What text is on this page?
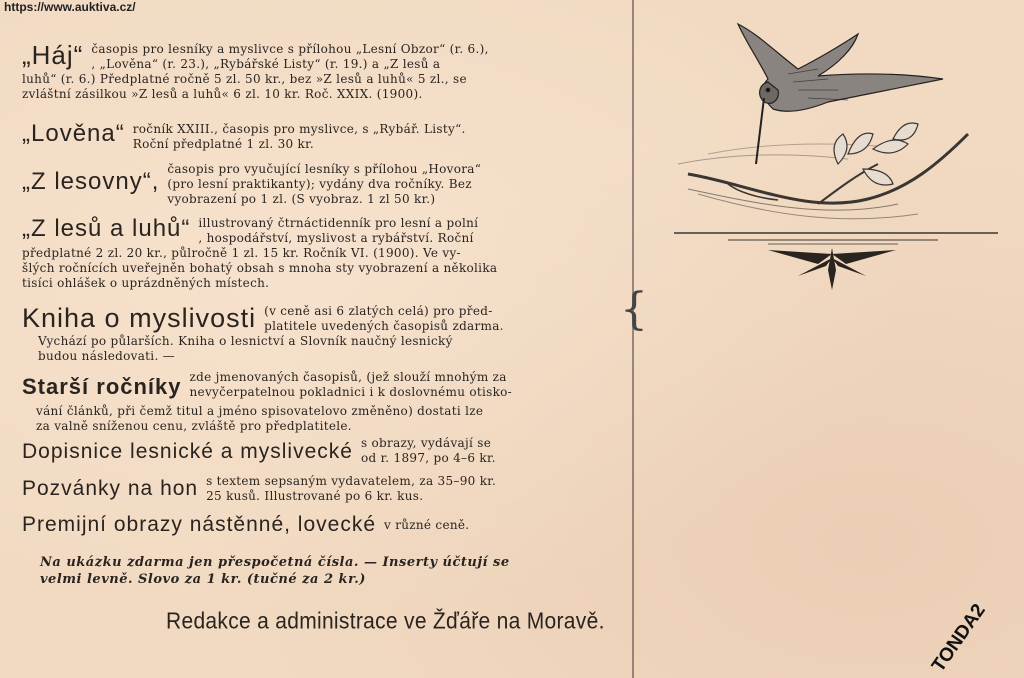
https://www.auktiva.cz/
{
„Háj“ časopis pro lesníky a myslivce s přílohou „Lesní Obzor“ (r. 6.),
, „Lověna“ (r. 23.), „Rybářské Listy“ (r. 19.) a „Z lesů a
luhů“ (r. 6.) Předplatné ročně 5 zl. 50 kr., bez »Z lesů a luhů« 5 zl., se
zvláštní zásilkou »Z lesů a luhů« 6 zl. 10 kr. Roč. XXIX. (1900).
„Lověna“ ročník XXIII., časopis pro myslivce, s „Rybář. Listy“.
Roční předplatné 1 zl. 30 kr.
„Z lesovny“, časopis pro vyučující lesníky s přílohou „Hovora“
(pro lesní praktikanty); vydány dva ročníky. Bez
vyobrazení po 1 zl. (S vyobraz. 1 zl 50 kr.)
„Z lesů a luhů“ illustrovaný čtrnáctidenník pro lesní a polní
, hospodářství, myslivost a rybářství. Roční
předplatné 2 zl. 20 kr., půlročně 1 zl. 15 kr. Ročník VI. (1900). Ve vy-
šlých ročnících uveřejněn bohatý obsah s mnoha sty vyobrazení a několika
tisíci ohlášek o uprázdněných místech.
Kniha o myslivosti (v ceně asi 6 zlatých celá) pro před-
platitele uvedených časopisů zdarma.
Vychází po půlarších. Kniha o lesnictví a Slovník naučný lesnický
budou následovati. —
Starší ročníky zde jmenovaných časopisů, (jež slouží mnohým za
nevyčerpatelnou pokladnici i k doslovnému otisko-
vání článků, při čemž titul a jméno spisovatelovo změněno) dostati lze
za valně sníženou cenu, zvláště pro předplatitele.
Dopisnice lesnické a myslivecké s obrazy, vydávají se
od r. 1897, po 4–6 kr.
Pozvánky na hon s textem sepsaným vydavatelem, za 35–90 kr.
25 kusů. Illustrované po 6 kr. kus.
Premijní obrazy nástěnné, lovecké v různé ceně.
Na ukázku zdarma jen přespočetná čísla. — Inserty účtují se
velmi levně. Slovo za 1 kr. (tučné za 2 kr.)
Redakce a administrace ve Žďáře na Moravě.	TONDA2
